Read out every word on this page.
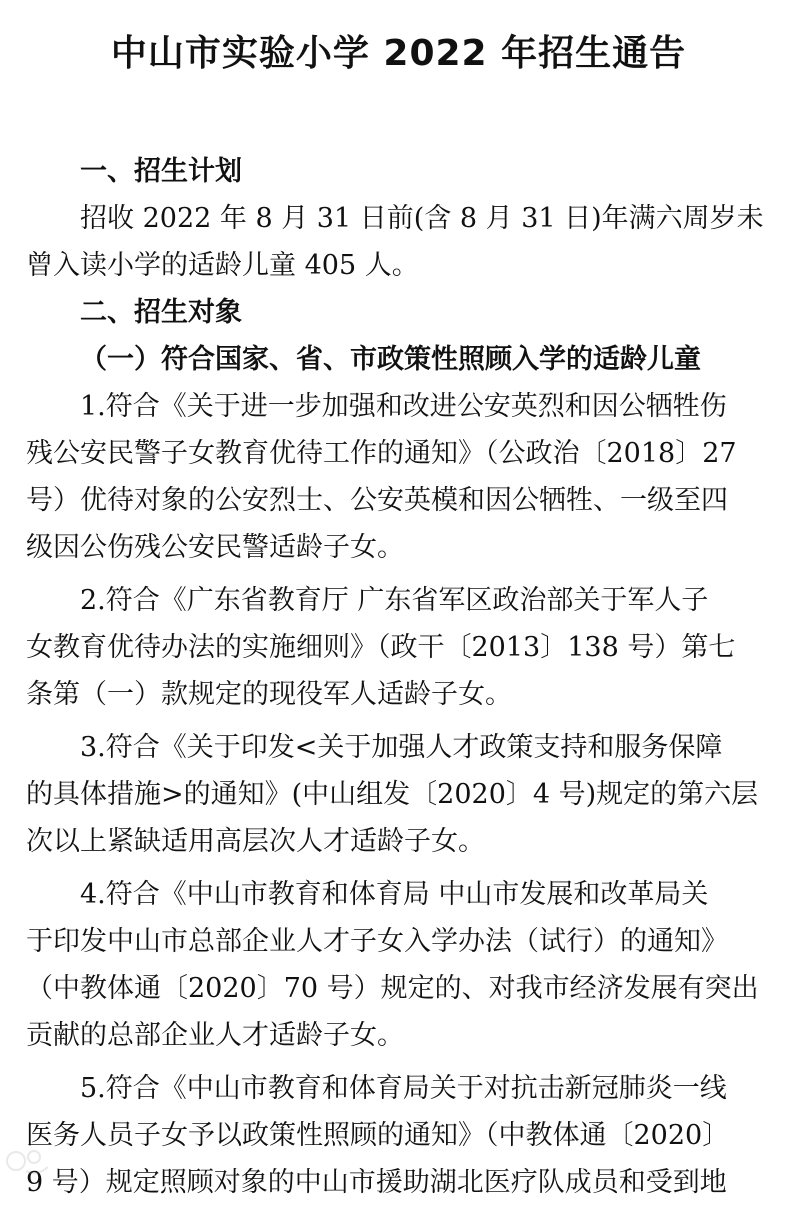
中山市实验小学 2022 年招生通告
一、招生计划
招收 2022 年 8 月 31 日前(含 8 月 31 日)年满六周岁未
曾入读小学的适龄儿童 405 人。
二、招生对象
（一）符合国家、省、市政策性照顾入学的适龄儿童
1.符合《关于进一步加强和改进公安英烈和因公牺牲伤
残公安民警子女教育优待工作的通知》（公政治〔2018〕27
号）优待对象的公安烈士、公安英模和因公牺牲、一级至四
级因公伤残公安民警适龄子女。
2.符合《广东省教育厅 广东省军区政治部关于军人子
女教育优待办法的实施细则》（政干〔2013〕138 号）第七
条第（一）款规定的现役军人适龄子女。
3.符合《关于印发<关于加强人才政策支持和服务保障
的具体措施>的通知》(中山组发〔2020〕4 号)规定的第六层
次以上紧缺适用高层次人才适龄子女。
4.符合《中山市教育和体育局 中山市发展和改革局关
于印发中山市总部企业人才子女入学办法（试行）的通知》
（中教体通〔2020〕70 号）规定的、对我市经济发展有突出
贡献的总部企业人才适龄子女。
5.符合《中山市教育和体育局关于对抗击新冠肺炎一线
医务人员子女予以政策性照顾的通知》（中教体通〔2020〕
9 号）规定照顾对象的中山市援助湖北医疗队成员和受到地
